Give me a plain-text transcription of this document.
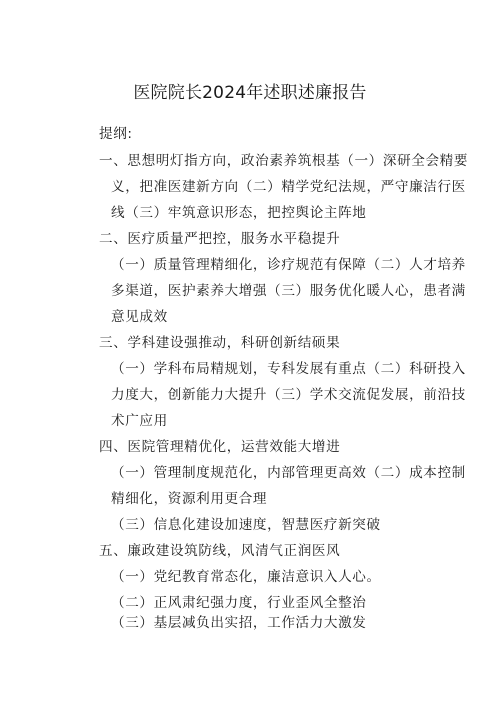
医院院长2024年述职述廉报告
提纲:
一、思想明灯指方向，政治素养筑根基（一）深研全会精要
义，把准医建新方向（二）精学党纪法规，严守廉洁行医
线（三）牢筑意识形态，把控舆论主阵地
二、医疗质量严把控，服务水平稳提升
（一）质量管理精细化，诊疗规范有保障（二）人才培养
多渠道，医护素养大增强（三）服务优化暖人心，患者满
意见成效
三、学科建设强推动，科研创新结硕果
（一）学科布局精规划，专科发展有重点（二）科研投入
力度大，创新能力大提升（三）学术交流促发展，前沿技
术广应用
四、医院管理精优化，运营效能大增进
（一）管理制度规范化，内部管理更高效（二）成本控制
精细化，资源利用更合理
（三）信息化建设加速度，智慧医疗新突破
五、廉政建设筑防线，风清气正润医风
（一）党纪教育常态化，廉洁意识入人心。
（二）正风肃纪强力度，行业歪风全整治
（三）基层减负出实招，工作活力大激发
